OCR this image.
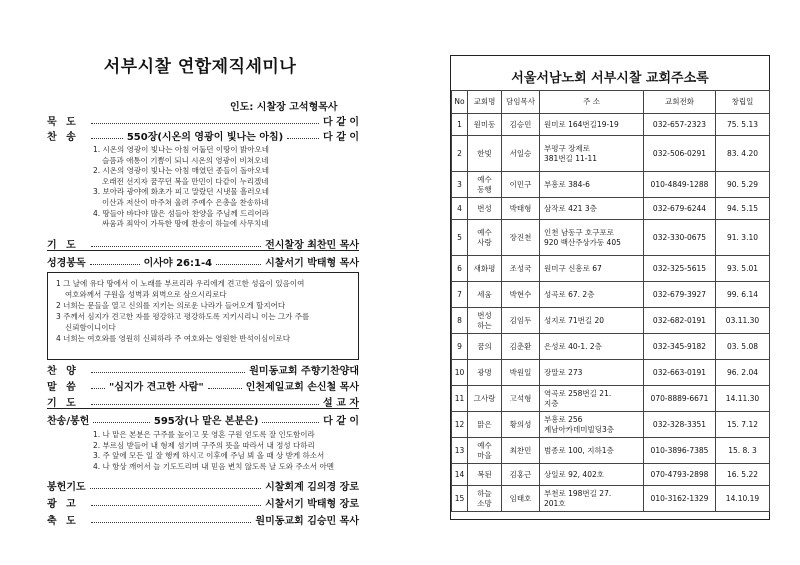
서부시찰 연합제직세미나
인도: 시찰장 고석형목사
묵 도	다 같 이
찬 송	550장(시온의 영광이 빛나는 아침)	다 같 이
1. 시온의 영광이 빛나는 아침 어둡던 이땅이 밝아오네
슬픔과 애통이 기쁨이 되니 시온의 영광이 비쳐오네
2. 시온의 영광이 빛나는 아침 매였던 종들이 돌아오네
오래전 선지자 꿈꾸던 복을 만민이 다같이 누리겠네
3. 보아라 광야에 화초가 피고 말랐던 시냇물 흘러오네
이산과 저산이 마주쳐 울려 주예수 은총을 찬송하네
4. 땅들아 바다야 많은 섬들아 찬양을 주님께 드리어라
싸움과 죄악이 가득한 땅에 찬송이 하늘에 사무치네
기 도	전시찰장 최찬민 목사
성경봉독	이사야 26:1-4	시찰서기 박태형 목사
1 그 날에 유다 땅에서 이 노래를 부르리라 우리에게 견고한 성읍이 있음이여
여호와께서 구원을 성벽과 외벽으로 삼으시리로다
2 너희는 문들을 열고 신의를 지키는 의로운 나라가 들어오게 할지어다
3 주께서 심지가 견고한 자를 평강하고 평강하도록 지키시리니 이는 그가 주를
신뢰함이니이다
4 너희는 여호와를 영원히 신뢰하라 주 여호와는 영원한 반석이심이로다
찬 양	원미동교회 주향기찬양대
말 씀	"심지가 견고한 사람"	인천제일교회 손신철 목사
기 도	설 교 자
찬송/봉헌	595장(나 맡은 본분은)	다 같 이
1. 나 맡은 본분은 구주를 높이고 뭇 영혼 구원 얻도록 잘 인도함이라
2. 부르심 받들어 내 형제 섬기며 구주의 뜻을 따라서 내 정성 다하리
3. 주 앞에 모든 일 잘 행케 하시고 이후에 주님 뵈 올 때 상 받게 하소서
4. 나 항상 깨어서 늘 기도드리며 내 믿음 변치 않도록 날 도와 주소서 아멘
봉헌기도	시찰회계 김의경 장로
광 고	시찰서기 박태형 장로
축 도	원미동교회 김승민 목사
서울서남노회 서부시찰 교회주소록
No	교회명	담임목사	주 소	교회전화	창립일
1	원미동	김승민	원미로 164번길19-19	032-657-2323	75. 5.13
2	한빛	서일승	부평구 장제로
381번길 11-11	032-506-0291	83. 4.20
3	예수
동행	이민구	부흥로 384-6	010-4849-1288	90. 5.29
4	번성	박태형	삼작로 421 3층	032-679-6244	94. 5.15
5	예수
사랑	장진천	인천 남동구 호구포로
920 백산주상가동 405	032-330-0675	91. 3.10
6	새화평	조성국	원미구 신흥로 67	032-325-5615	93. 5.01
7	세움	박현수	성곡로 67. 2층	032-679-3927	99. 6.14
8	번성
하는	김임두	성지로 71번길 20	032-682-0191	03.11.30
9	꿈의	김춘환	은성로 40-1. 2층	032-345-9182	03. 5.08
10	광명	박원일	장말로 273	032-663-0191	96. 2.04
11	그사랑	고석형	역곡로 258번길 21.
지층	070-8889-6671	14.11.30
12	맑은	황의성	부흥로 256
계남아카데미빌딩3층	032-328-3351	15. 7.12
13	예수
마을	최찬민	범종로 100, 지하1층	010-3896-7385	15. 8. 3
14	복된	김홍근	상일로 92, 402호	070-4793-2898	16. 5.22
15	하늘
소망	임태호	부천로 198번길 27.
201호	010-3162-1329	14.10.19
